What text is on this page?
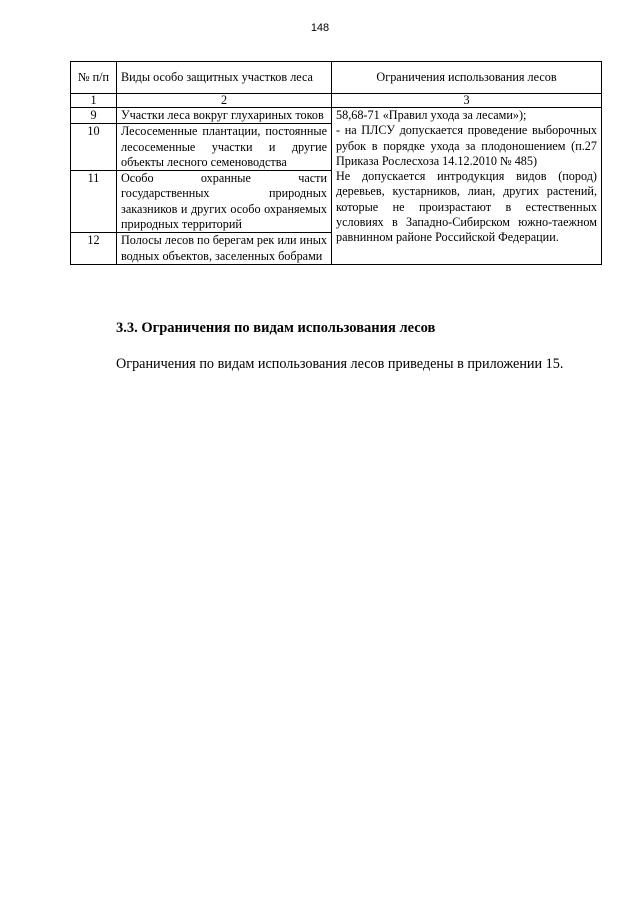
148
№ п/п	Виды особо защитных участков леса	Ограничения использования лесов
1	2	3
9	Участки леса вокруг глухариных токов	58,68-71 «Правил ухода за лесами»);
- на ПЛСУ допускается проведение выборочных рубок в порядке ухода за плодоношением (п.27 Приказа Рослесхоза 14.12.2010 № 485)
Не допускается интродукция видов (пород) деревьев, кустарников, лиан, других растений, которые не произрастают в естественных условиях в Западно-Сибирском южно-таежном равнинном районе Российской Федерации.

10	Лесосеменные плантации, постоянные лесосеменные участки и другие объекты лесного семеноводства	
11	Особо охранные части государственных природных заказников и других особо охраняемых природных территорий	
12	Полосы лесов по берегам рек или иных водных объектов, заселенных бобрами	
3.3. Ограничения по видам использования лесов
Ограничения по видам использования лесов приведены в приложении 15.
